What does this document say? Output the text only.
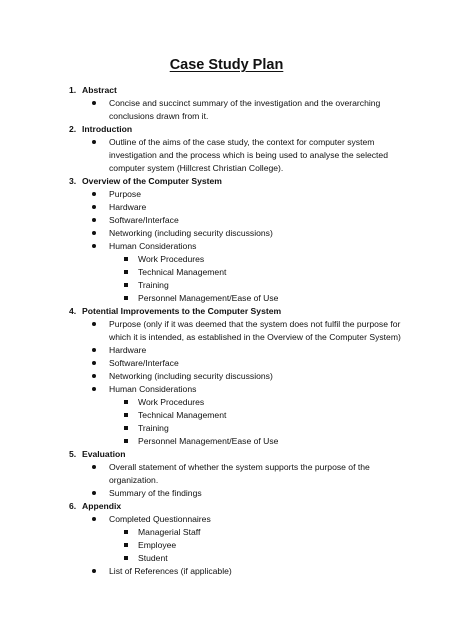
Case Study Plan
1. Abstract
Concise and succinct summary of the investigation and the overarching
conclusions drawn from it.
2. Introduction
Outline of the aims of the case study, the context for computer system
investigation and the process which is being used to analyse the selected
computer system (Hillcrest Christian College).
3. Overview of the Computer System
Purpose
Hardware
Software/Interface
Networking (including security discussions)
Human Considerations
Work Procedures
Technical Management
Training
Personnel Management/Ease of Use
4. Potential Improvements to the Computer System
Purpose (only if it was deemed that the system does not fulfil the purpose for
which it is intended, as established in the Overview of the Computer System)
Hardware
Software/Interface
Networking (including security discussions)
Human Considerations
Work Procedures
Technical Management
Training
Personnel Management/Ease of Use
5. Evaluation
Overall statement of whether the system supports the purpose of the
organization.
Summary of the findings
6. Appendix
Completed Questionnaires
Managerial Staff
Employee
Student
List of References (if applicable)
